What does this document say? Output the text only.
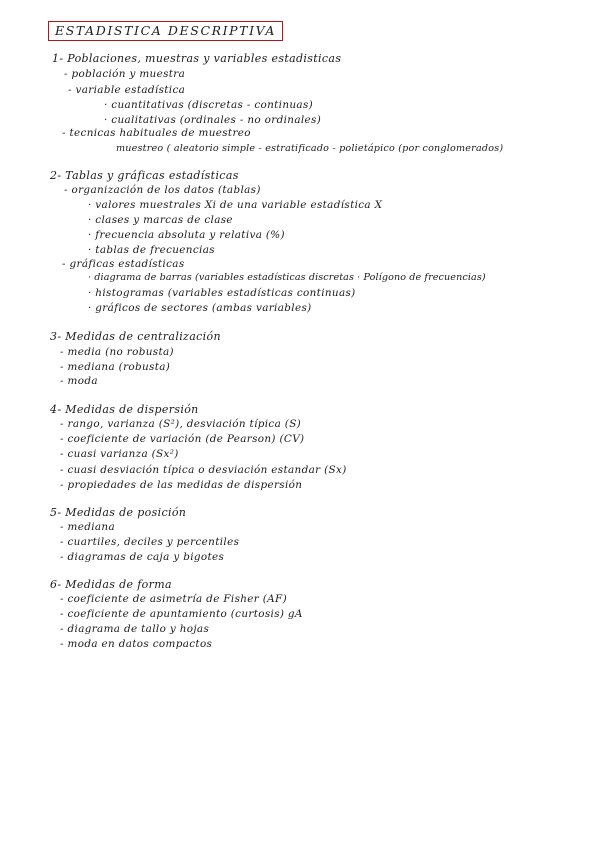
ESTADISTICA DESCRIPTIVA
1- Poblaciones, muestras y variables estadisticas
- población y muestra
- variable estadística
· cuantitativas (discretas - continuas)
· cualitativas (ordinales - no ordinales)
- tecnicas habituales de muestreo
muestreo ( aleatorio simple - estratificado - polietápico (por conglomerados)
2- Tablas y gráficas estadísticas
- organización de los datos (tablas)
· valores muestrales Xi de una variable estadística X
· clases y marcas de clase
· frecuencia absoluta y relativa (%)
· tablas de frecuencias
- gráficas estadísticas
· diagrama de barras (variables estadísticas discretas · Polígono de frecuencias)
· histogramas (variables estadísticas continuas)
· gráficos de sectores (ambas variables)
3- Medidas de centralización
- media (no robusta)
- mediana (robusta)
- moda
4- Medidas de dispersión
- rango, varianza (S²), desviación típica (S)
- coeficiente de variación (de Pearson) (CV)
- cuasi varianza (Sx²)
- cuasi desviación típica o desviación estandar (Sx)
- propiedades de las medidas de dispersión
5- Medidas de posición
- mediana
- cuartiles, deciles y percentiles
- diagramas de caja y bigotes
6- Medidas de forma
- coeficiente de asimetría de Fisher (AF)
- coeficiente de apuntamiento (curtosis) gA
- diagrama de tallo y hojas
- moda en datos compactos
